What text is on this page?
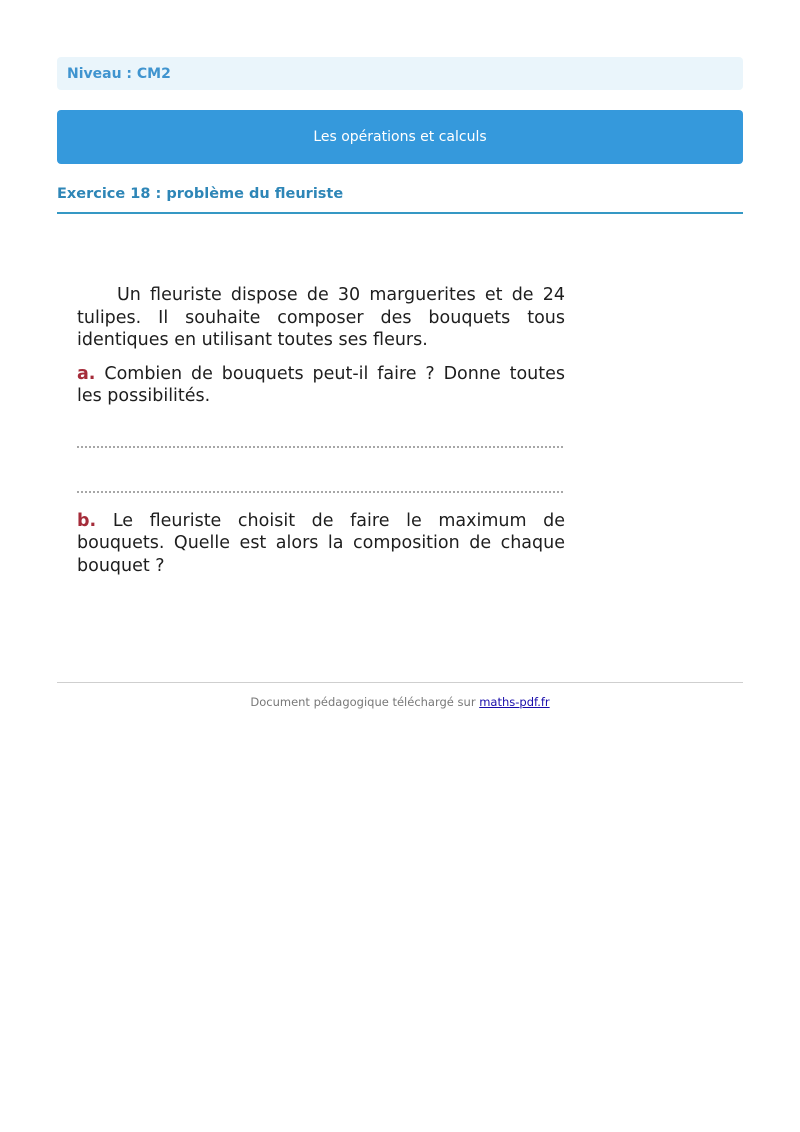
Niveau : CM2
Les opérations et calculs
Exercice 18 : problème du fleuriste

Un fleuriste dispose de 30 marguerites et de 24 tulipes. Il souhaite composer des bouquets tous identiques en utilisant toutes ses fleurs.

a. Combien de bouquets peut-il faire ? Donne toutes les possibilités.

b. Le fleuriste choisit de faire le maximum de bouquets. Quelle est alors la composition de chaque bouquet ?

Document pédagogique téléchargé sur maths-pdf.fr
